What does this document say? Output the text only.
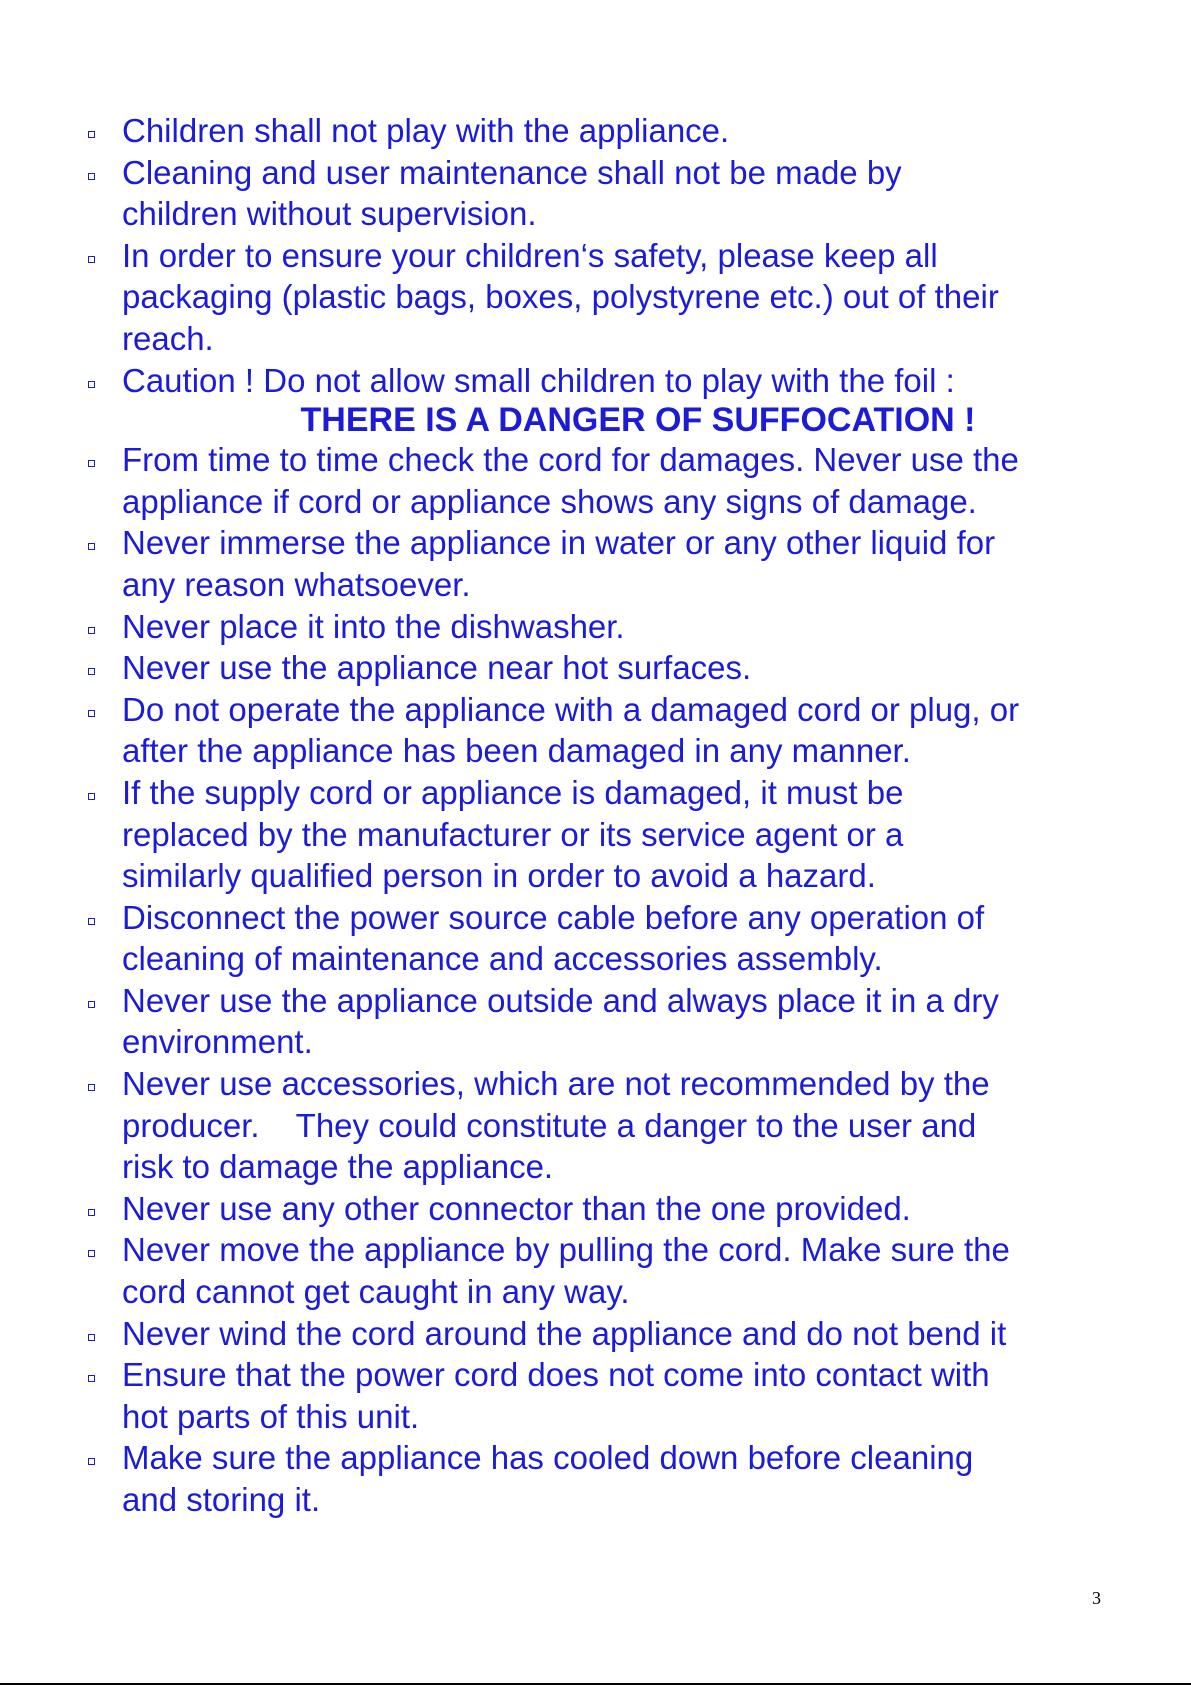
Children shall not play with the appliance.
Cleaning and user maintenance shall not be made by
children without supervision.
In order to ensure your children‘s safety, please keep all
packaging (plastic bags, boxes, polystyrene etc.) out of their
reach.
Caution ! Do not allow small children to play with the foil :
THERE IS A DANGER OF SUFFOCATION !
From time to time check the cord for damages. Never use the
appliance if cord or appliance shows any signs of damage.
Never immerse the appliance in water or any other liquid for
any reason whatsoever.
Never place it into the dishwasher.
Never use the appliance near hot surfaces.
Do not operate the appliance with a damaged cord or plug, or
after the appliance has been damaged in any manner.
If the supply cord or appliance is damaged, it must be
replaced by the manufacturer or its service agent or a
similarly qualified person in order to avoid a hazard.
Disconnect the power source cable before any operation of
cleaning of maintenance and accessories assembly.
Never use the appliance outside and always place it in a dry
environment.
Never use accessories, which are not recommended by the
producer.    They could constitute a danger to the user and
risk to damage the appliance.
Never use any other connector than the one provided.
Never move the appliance by pulling the cord. Make sure the
cord cannot get caught in any way.
Never wind the cord around the appliance and do not bend it
Ensure that the power cord does not come into contact with
hot parts of this unit.
Make sure the appliance has cooled down before cleaning
and storing it.
3
